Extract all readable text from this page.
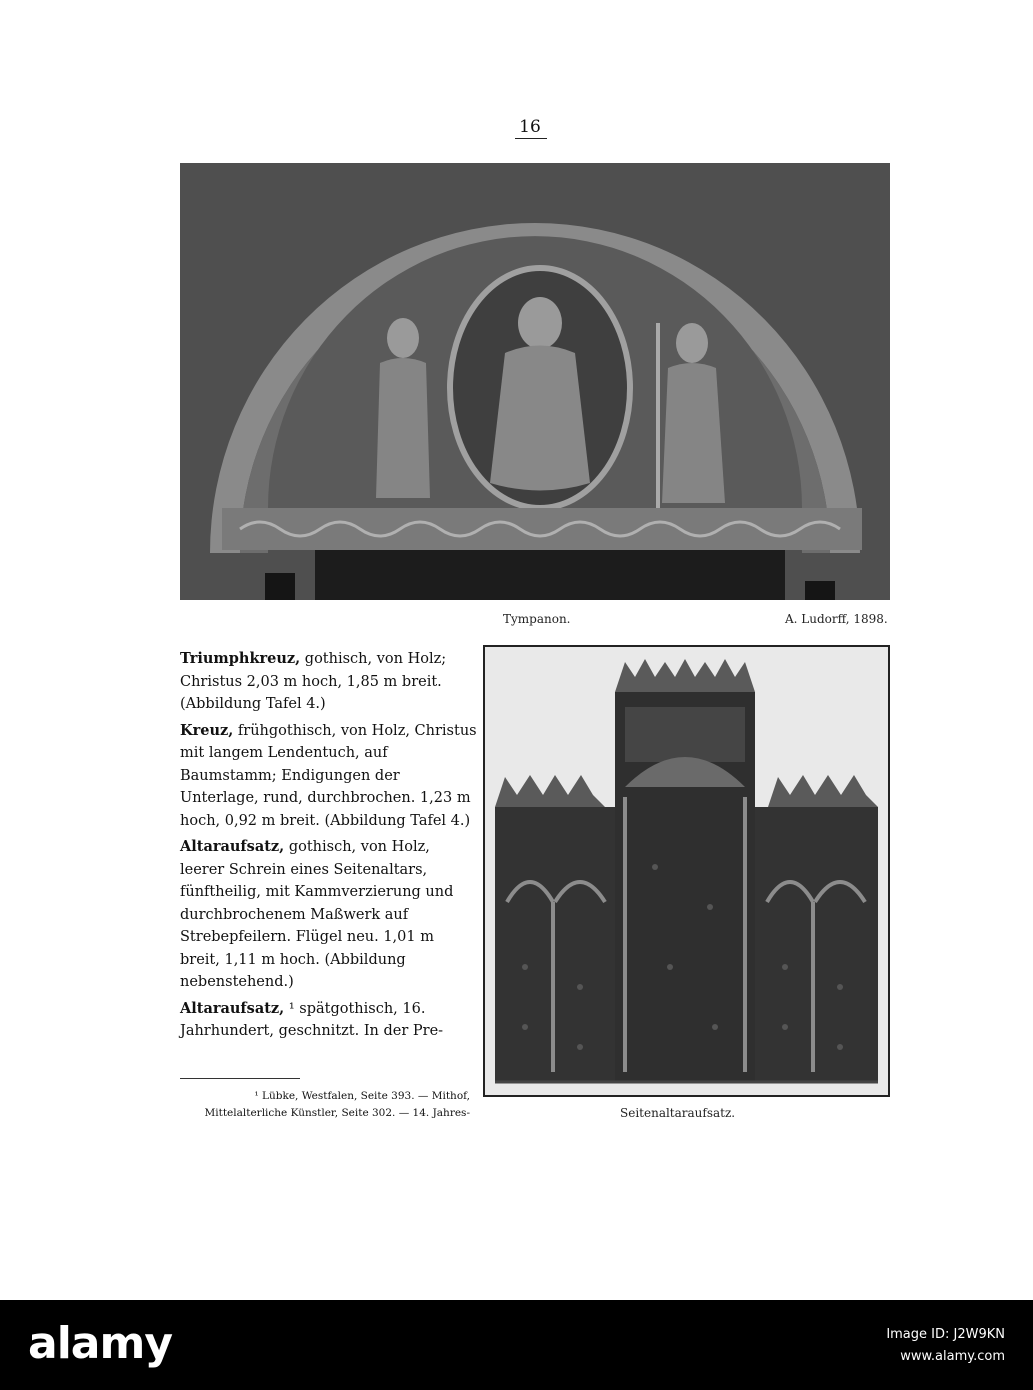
16
Tympanon.	A. Ludorff, 1898.
Triumphkreuz, gothisch, von Holz; Christus 2,03 m hoch, 1,85 m breit. (Abbildung Tafel 4.)
Kreuz, frühgothisch, von Holz, Christus mit langem Lendentuch, auf Baumstamm; Endigungen der Unterlage, rund, durchbrochen. 1,23 m hoch, 0,92 m breit. (Abbildung Tafel 4.)
Altaraufsatz, gothisch, von Holz, leerer Schrein eines Seitenaltars, fünftheilig, mit Kammverzierung und durchbrochenem Maßwerk auf Strebepfeilern. Flügel neu. 1,01 m breit, 1,11 m hoch. (Abbildung nebenstehend.)
Altaraufsatz, ¹ spätgothisch, 16. Jahrhundert, geschnitzt. In der Pre-
¹ Lübke, Westfalen, Seite 393. — Mithof, Mittelalterliche Künstler, Seite 302. — 14. Jahres-	Seitenaltaraufsatz.
alamy	Image ID: J2W9KN
www.alamy.com
